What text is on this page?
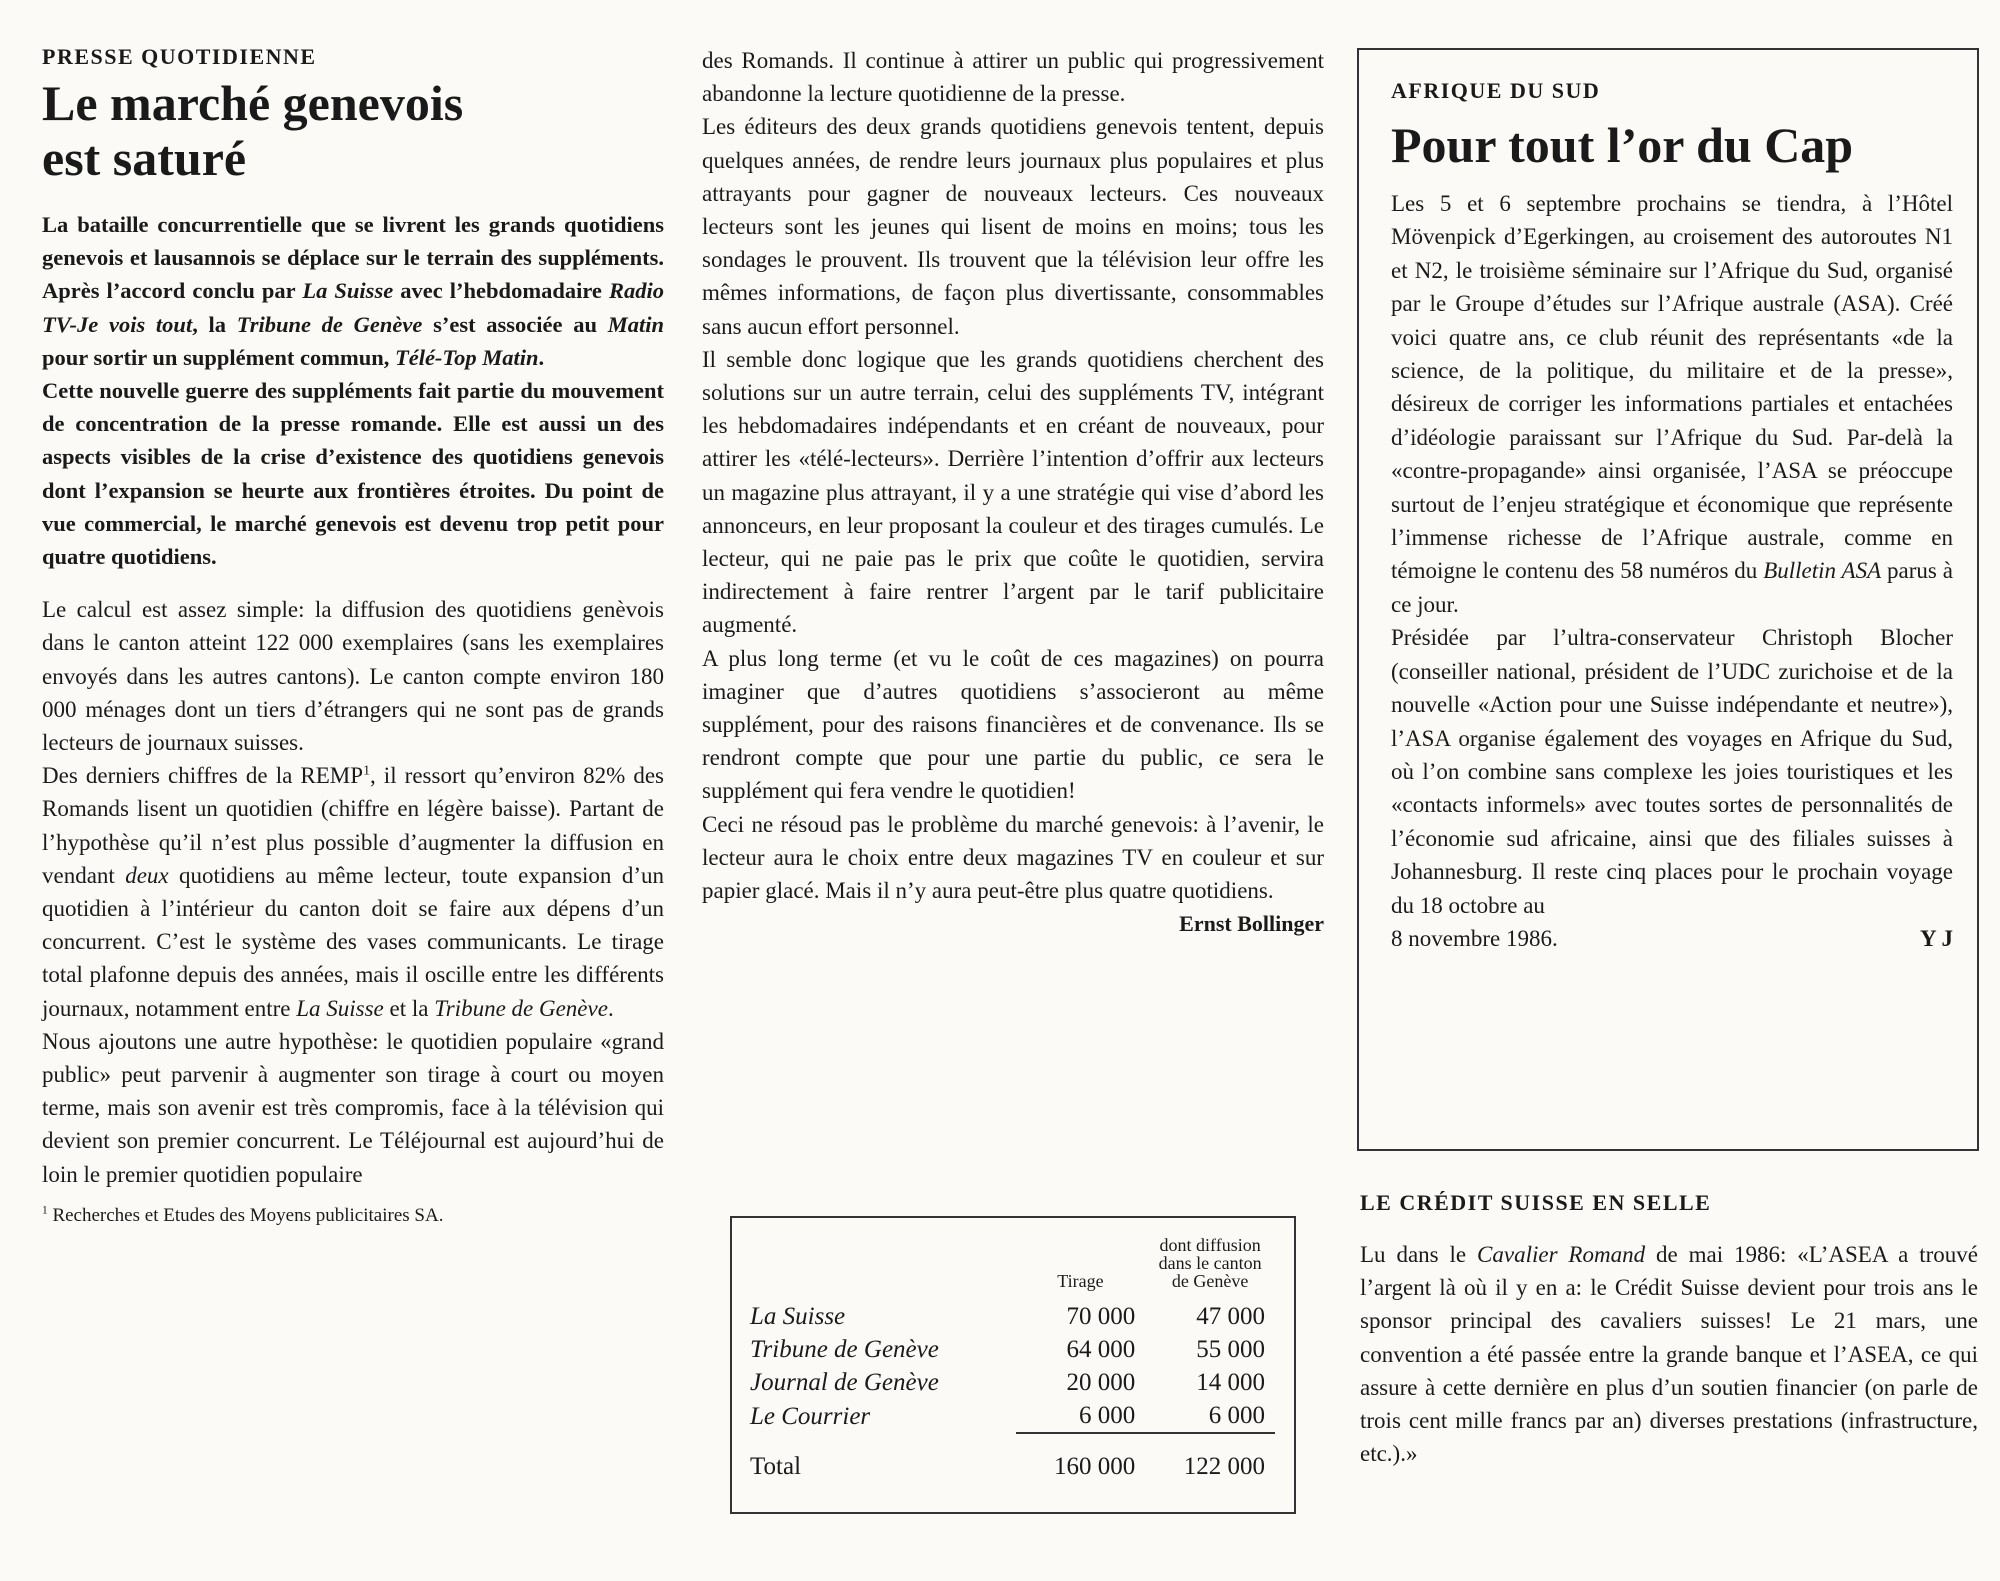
PRESSE QUOTIDIENNE
Le marché genevois
est saturé

La bataille concurrentielle que se livrent les grands quotidiens genevois et lausannois se déplace sur le terrain des suppléments. Après l’accord conclu par La Suisse avec l’hebdomadaire Radio TV-Je vois tout, la Tribune de Genève s’est associée au Matin pour sortir un supplément commun, Télé-Top Matin.

Cette nouvelle guerre des suppléments fait partie du mouvement de concentration de la presse romande. Elle est aussi un des aspects visibles de la crise d’existence des quotidiens genevois dont l’expansion se heurte aux frontières étroites. Du point de vue commercial, le marché genevois est devenu trop petit pour quatre quotidiens.

Le calcul est assez simple: la diffusion des quotidiens genèvois dans le canton atteint 122 000 exemplaires (sans les exemplaires envoyés dans les autres cantons). Le canton compte environ 180 000 ménages dont un tiers d’étrangers qui ne sont pas de grands lecteurs de journaux suisses.

Des derniers chiffres de la REMP$^1$, il ressort qu’environ 82% des Romands lisent un quotidien (chiffre en légère baisse). Partant de l’hypothèse qu’il n’est plus possible d’augmenter la diffusion en vendant deux quotidiens au même lecteur, toute expansion d’un quotidien à l’intérieur du canton doit se faire aux dépens d’un concurrent. C’est le système des vases communicants. Le tirage total plafonne depuis des années, mais il oscille entre les différents journaux, notamment entre La Suisse et la Tribune de Genève.

Nous ajoutons une autre hypothèse: le quotidien populaire «grand public» peut parvenir à augmenter son tirage à court ou moyen terme, mais son avenir est très compromis, face à la télévision qui devient son premier concurrent. Le Téléjournal est aujourd’hui de loin le premier quotidien populaire

$^1$ Recherches et Etudes des Moyens publicitaires SA.

des Romands. Il continue à attirer un public qui progressivement abandonne la lecture quotidienne de la presse.

Les éditeurs des deux grands quotidiens genevois tentent, depuis quelques années, de rendre leurs journaux plus populaires et plus attrayants pour gagner de nouveaux lecteurs. Ces nouveaux lecteurs sont les jeunes qui lisent de moins en moins; tous les sondages le prouvent. Ils trouvent que la télévision leur offre les mêmes informations, de façon plus divertissante, consommables sans aucun effort personnel.

Il semble donc logique que les grands quotidiens cherchent des solutions sur un autre terrain, celui des suppléments TV, intégrant les hebdomadaires indépendants et en créant de nouveaux, pour attirer les «télé-lecteurs». Derrière l’intention d’offrir aux lecteurs un magazine plus attrayant, il y a une stratégie qui vise d’abord les annonceurs, en leur proposant la couleur et des tirages cumulés. Le lecteur, qui ne paie pas le prix que coûte le quotidien, servira indirectement à faire rentrer l’argent par le tarif publicitaire augmenté.

A plus long terme (et vu le coût de ces magazines) on pourra imaginer que d’autres quotidiens s’associeront au même supplément, pour des raisons financières et de convenance. Ils se rendront compte que pour une partie du public, ce sera le supplément qui fera vendre le quotidien!

Ceci ne résoud pas le problème du marché genevois: à l’avenir, le lecteur aura le choix entre deux magazines TV en couleur et sur papier glacé. Mais il n’y aura peut-être plus quatre quotidiens.

Ernst Bollinger
	Tirage	dont diffusion
dans le canton
de Genève
La Suisse	70 000	47 000
Tribune de Genève	64 000	55 000
Journal de Genève	20 000	14 000
Le Courrier	6 000	6 000
Total	160 000	122 000
AFRIQUE DU SUD
Pour tout l’or du Cap

Les 5 et 6 septembre prochains se tiendra, à l’Hôtel Mövenpick d’Egerkingen, au croisement des autoroutes N1 et N2, le troisième séminaire sur l’Afrique du Sud, organisé par le Groupe d’études sur l’Afrique australe (ASA). Créé voici quatre ans, ce club réunit des représentants «de la science, de la politique, du militaire et de la presse», désireux de corriger les informations partiales et entachées d’idéologie paraissant sur l’Afrique du Sud. Par-delà la «contre-propagande» ainsi organisée, l’ASA se préoccupe surtout de l’enjeu stratégique et économique que représente l’immense richesse de l’Afrique australe, comme en témoigne le contenu des 58 numéros du Bulletin ASA parus à ce jour.

Présidée par l’ultra-conservateur Christoph Blocher (conseiller national, président de l’UDC zurichoise et de la nouvelle «Action pour une Suisse indépendante et neutre»), l’ASA organise également des voyages en Afrique du Sud, où l’on combine sans complexe les joies touristiques et les «contacts informels» avec toutes sortes de personnalités de l’économie sud africaine, ainsi que des filiales suisses à Johannesburg. Il reste cinq places pour le prochain voyage du 18 octobre au

8 novembre 1986.	Y J
LE CRÉDIT SUISSE EN SELLE

Lu dans le Cavalier Romand de mai 1986: «L’ASEA a trouvé l’argent là où il y en a: le Crédit Suisse devient pour trois ans le sponsor principal des cavaliers suisses! Le 21 mars, une convention a été passée entre la grande banque et l’ASEA, ce qui assure à cette dernière en plus d’un soutien financier (on parle de trois cent mille francs par an) diverses prestations (infrastructure, etc.).»
